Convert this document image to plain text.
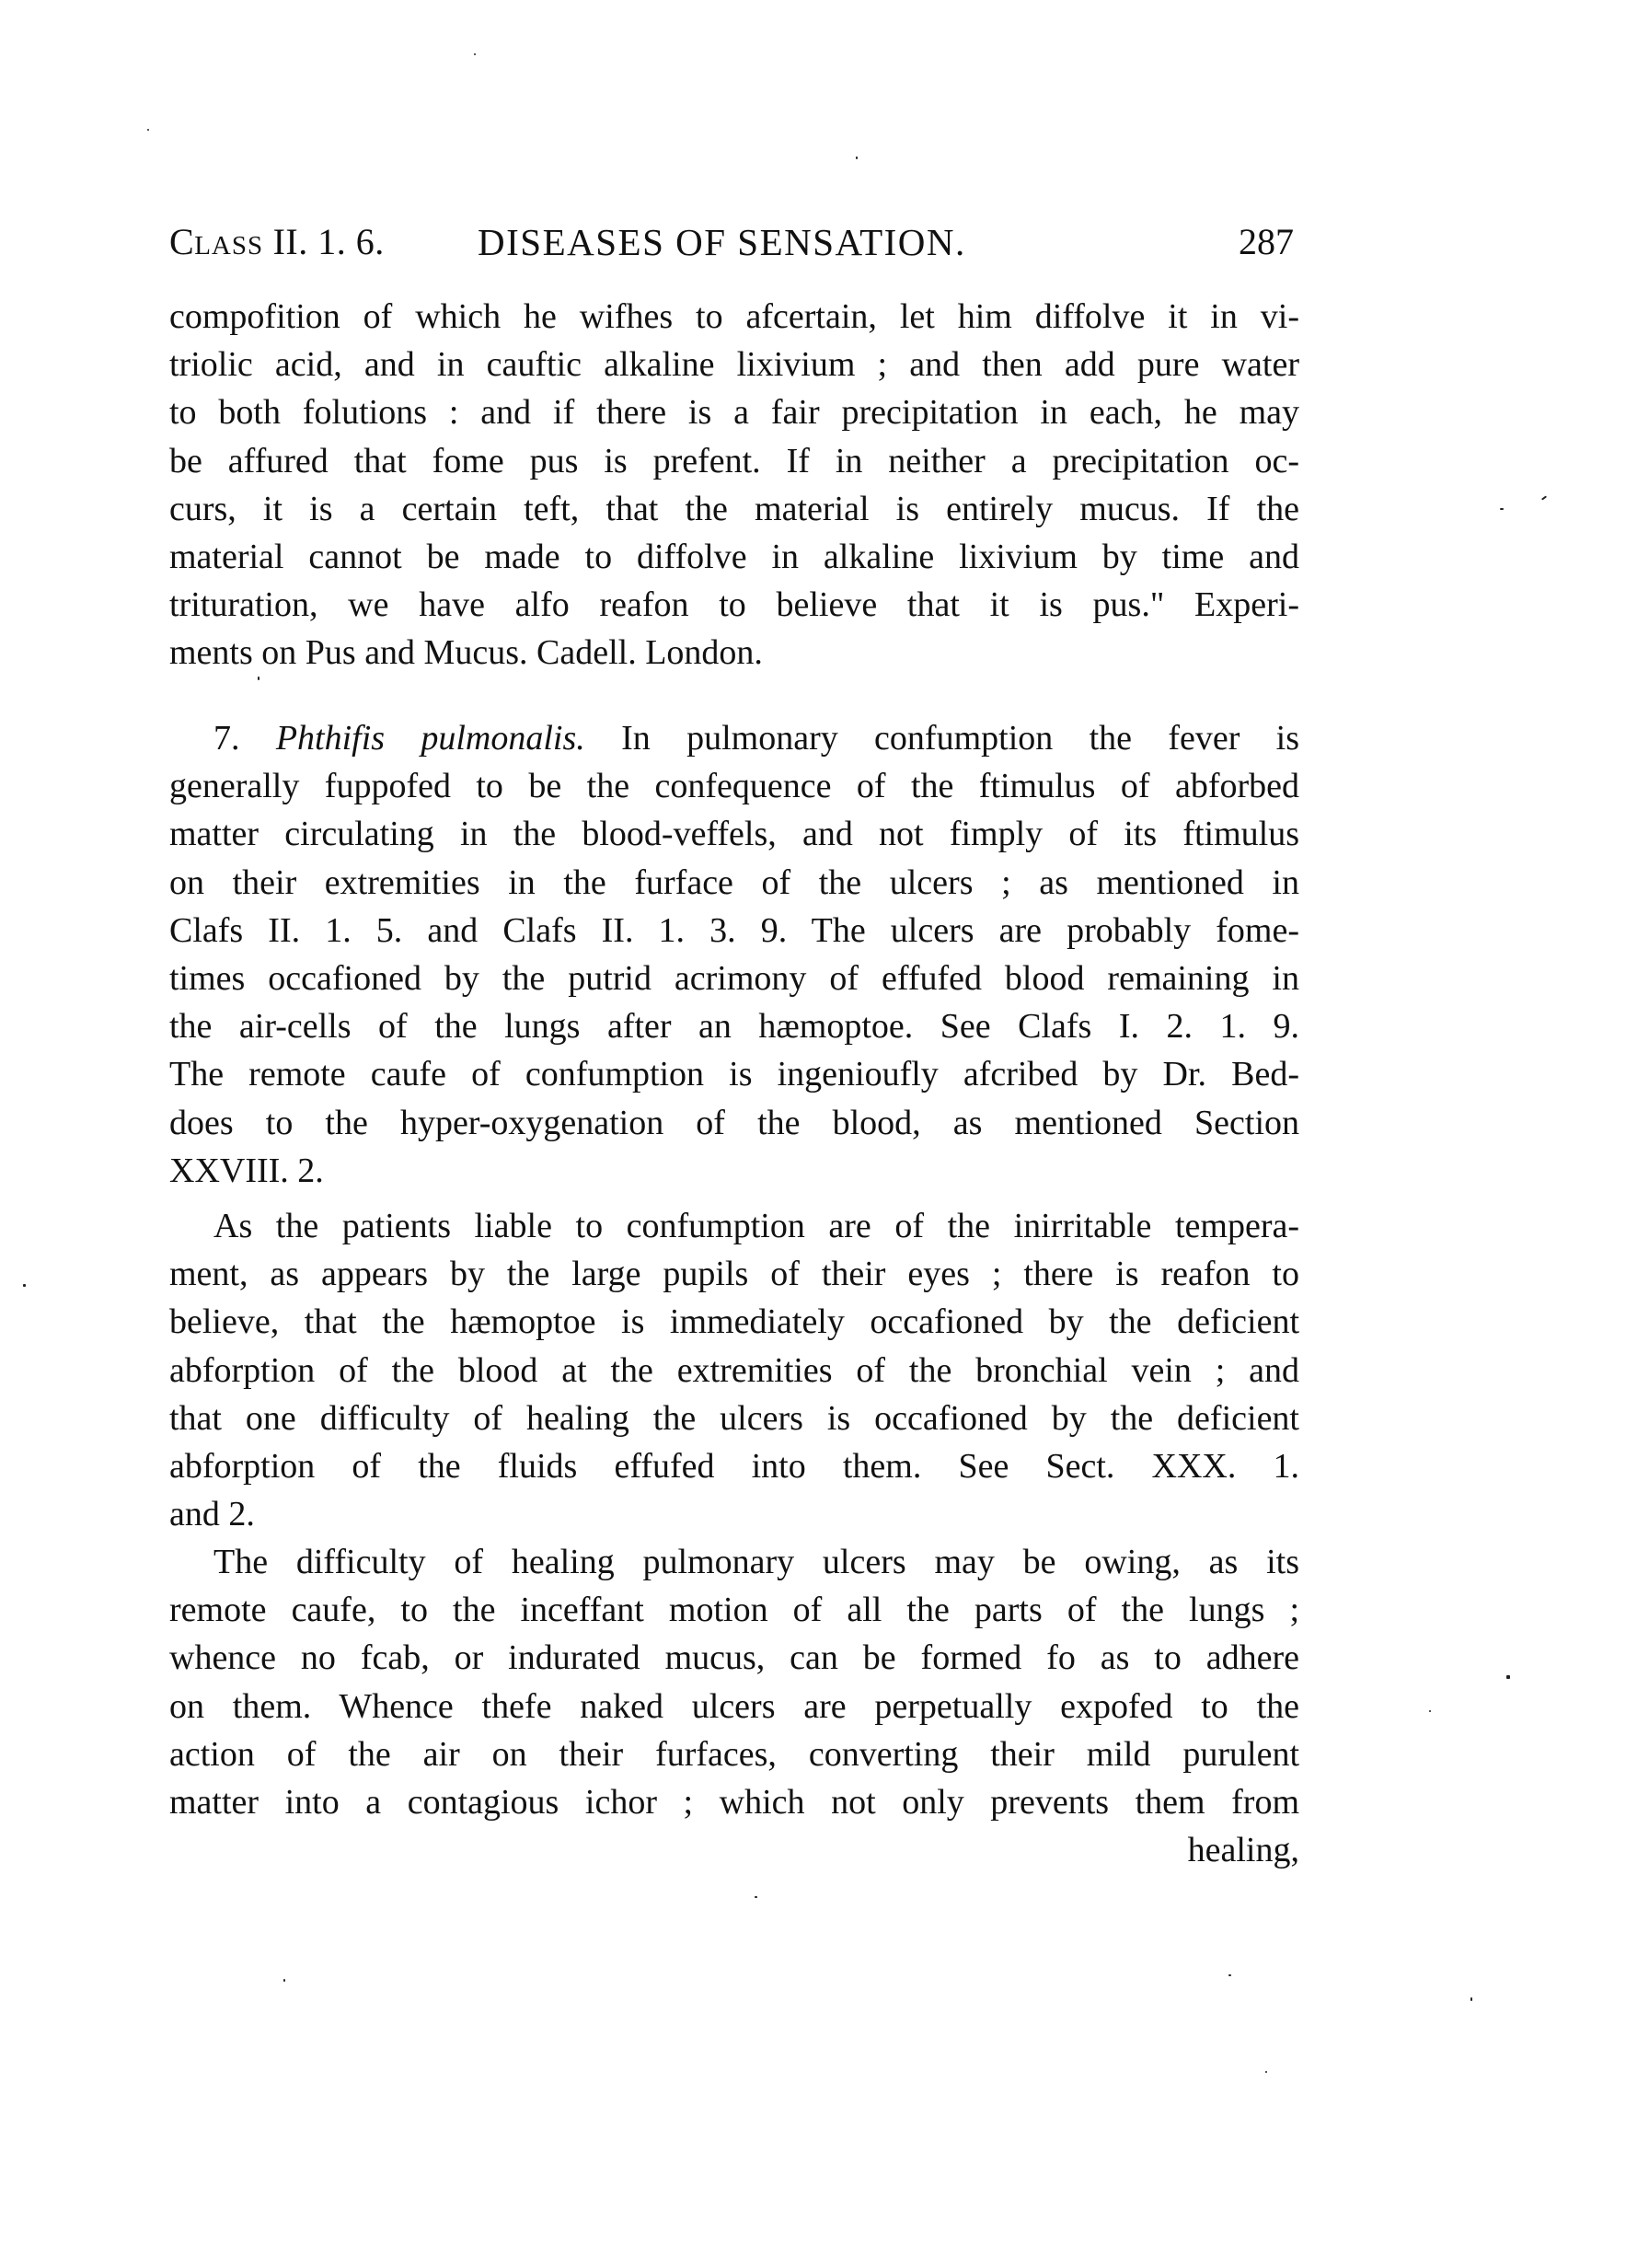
CLASS II. 1. 6. DISEASES OF SENSATION.	287
compofition of which he wifhes to afcertain, let him diffolve it in vi-
triolic acid, and in cauftic alkaline lixivium ; and then add pure water
to both folutions : and if there is a fair precipitation in each, he may
be affured that fome pus is prefent. If in neither a precipitation oc-
curs, it is a certain teft, that the material is entirely mucus. If the
material cannot be made to diffolve in alkaline lixivium by time and
trituration, we have alfo reafon to believe that it is pus." Experi-
ments on Pus and Mucus. Cadell. London.
7. Phthifis pulmonalis. In pulmonary confumption the fever is
generally fuppofed to be the confequence of the ftimulus of abforbed
matter circulating in the blood-veffels, and not fimply of its ftimulus
on their extremities in the furface of the ulcers ; as mentioned in
Clafs II. 1. 5. and Clafs II. 1. 3. 9. The ulcers are probably fome-
times occafioned by the putrid acrimony of effufed blood remaining in
the air-cells of the lungs after an hæmoptoe. See Clafs I. 2. 1. 9.
The remote caufe of confumption is ingenioufly afcribed by Dr. Bed-
does to the hyper-oxygenation of the blood, as mentioned Section
XXVIII. 2.
As the patients liable to confumption are of the inirritable tempera-
ment, as appears by the large pupils of their eyes ; there is reafon to
believe, that the hæmoptoe is immediately occafioned by the deficient
abforption of the blood at the extremities of the bronchial vein ; and
that one difficulty of healing the ulcers is occafioned by the deficient
abforption of the fluids effufed into them. See Sect. XXX. 1.
and 2.
The difficulty of healing pulmonary ulcers may be owing, as its
remote caufe, to the inceffant motion of all the parts of the lungs ;
whence no fcab, or indurated mucus, can be formed fo as to adhere
on them. Whence thefe naked ulcers are perpetually expofed to the
action of the air on their furfaces, converting their mild purulent
matter into a contagious ichor ; which not only prevents them from
healing,
